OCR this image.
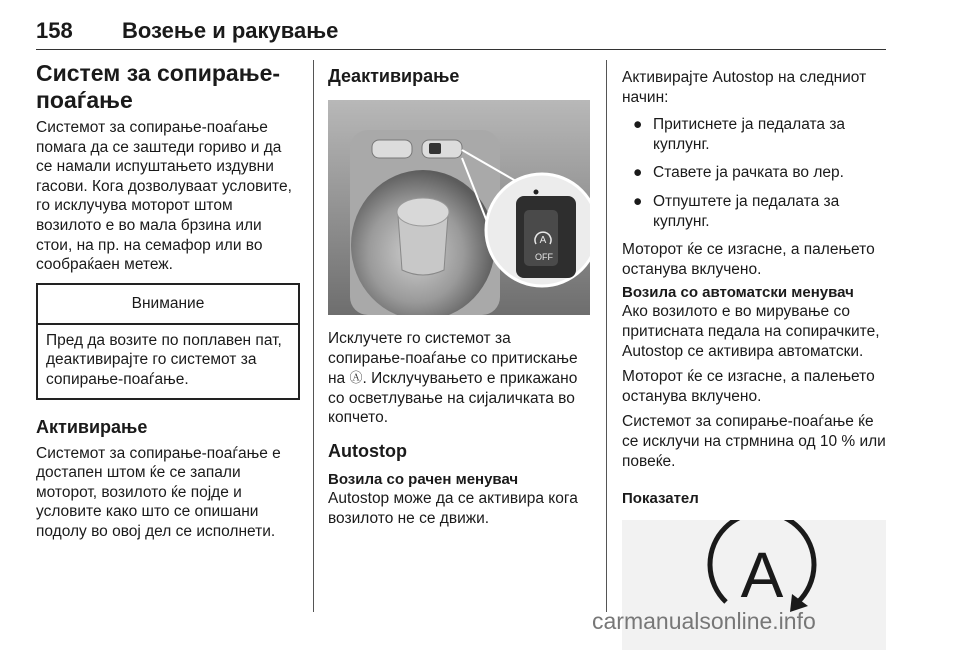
158 Возење и ракување
Систем за сопирање-
поаѓање

Системот за сопирање-поаѓање помага да се заштеди гориво и да се намали испуштањето издувни гасови. Кога дозволуваат условите, го исклучува моторот штом возилото е во мала брзина или стои, на пр. на семафор или во сообраќаен метеж.

Внимание
Пред да возите по поплавен пат, деактивирајте го системот за сопирање-поаѓање.
Активирање

Системот за сопирање-поаѓање е достапен штом ќе се запали моторот, возилото ќе појде и условите како што се опишани подолу во овој дел се исполнети.

Деактивирање
OFF
A

Исклучете го системот за сопирање-поаѓање со притискање на Ⓐ. Исклучувањето е прикажано со осветлување на сијаличката во копчето.

Autostop
Возила со рачен менувач

Autostop може да се активира кога возилото не се движи.

Активирајте Autostop на следниот начин:

● Притиснете ја педалата за куплунг.
● Ставете ја рачката во лер.
● Отпуштете ја педалата за куплунг.

Моторот ќе се изгасне, а палењето останува вклучено.

Возила со автоматски менувач

Ако возилото е во мирување со притисната педала на сопирачките, Autostop се активира автоматски.

Моторот ќе се изгасне, а палењето останува вклучено.

Системот за сопирање-поаѓање ќе се исклучи на стрмнина од 10 % или повеќе.

Показател
A
carmanualsonline.info
